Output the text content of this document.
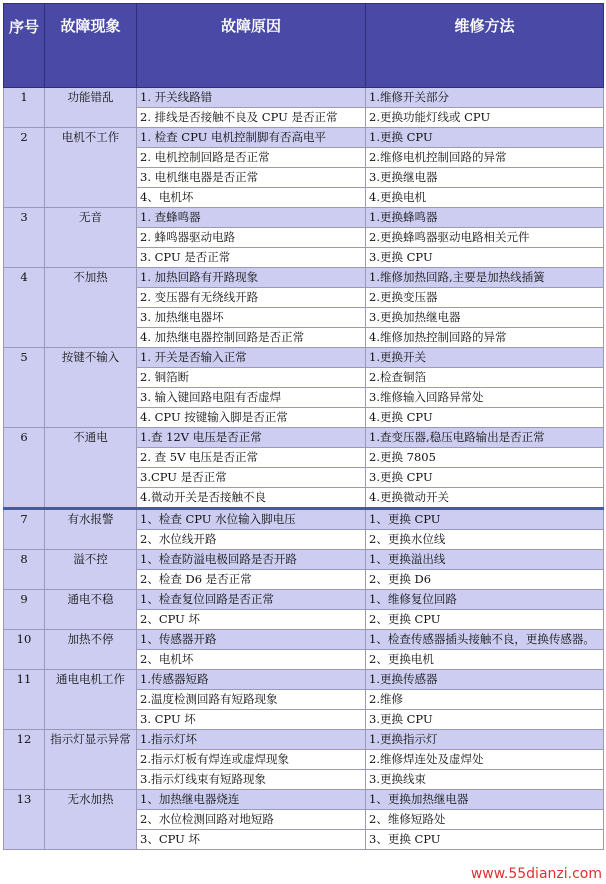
序号	故障现象	故障原因	维修方法
1	功能错乱	1. 开关线路错	1.维修开关部分
		2. 排线是否接触不良及 CPU 是否正常	2.更换功能灯线或 CPU
2	电机不工作	1. 检查 CPU 电机控制脚有否高电平	1.更换 CPU
		2. 电机控制回路是否正常	2.维修电机控制回路的异常
		3. 电机继电器是否正常	3.更换继电器
		4、电机坏	4.更换电机
3	无音	1. 查蜂鸣器	1.更换蜂鸣器
		2. 蜂鸣器驱动电路	2.更换蜂鸣器驱动电路相关元件
		3. CPU 是否正常	3.更换 CPU
4	不加热	1. 加热回路有开路现象	1.维修加热回路,主要是加热线插簧
		2. 变压器有无绕线开路	2.更换变压器
		3. 加热继电器坏	3.更换加热继电器
		4. 加热继电器控制回路是否正常	4.维修加热控制回路的异常
5	按键不输入	1. 开关是否输入正常	1.更换开关
		2. 铜箔断	2.检查铜箔
		3. 输入键回路电阻有否虚焊	3.维修输入回路异常处
		4. CPU 按键输入脚是否正常	4.更换 CPU
6	不通电	1.查 12V 电压是否正常	1.查变压器,稳压电路输出是否正常
		2. 查 5V 电压是否正常	2.更换 7805
		3.CPU 是否正常	3.更换 CPU
		4.微动开关是否接触不良	4.更换微动开关
7	有水报警	1、检查 CPU 水位输入脚电压	1、更换 CPU
		2、水位线开路	2、更换水位线
8	溢不控	1、检查防溢电极回路是否开路	1、更换溢出线
		2、检查 D6 是否正常	2、更换 D6
9	通电不稳	1、检查复位回路是否正常	1、维修复位回路
		2、CPU 坏	2、更换 CPU
10	加热不停	1、传感器开路	1、检查传感器插头接触不良，更换传感器。
		2、电机坏	2、更换电机
11	通电电机工作	1.传感器短路	1.更换传感器
		2.温度检测回路有短路现象	2.维修
		3. CPU 坏	3.更换 CPU
12	指示灯显示异常	1.指示灯坏	1.更换指示灯
		2.指示灯板有焊连或虚焊现象	2.维修焊连处及虚焊处
		3.指示灯线束有短路现象	3.更换线束
13	无水加热	1、加热继电器烧连	1、更换加热继电器
		2、水位检测回路对地短路	2、维修短路处
		3、CPU 坏	3、更换 CPU
www.55dianzi.com
